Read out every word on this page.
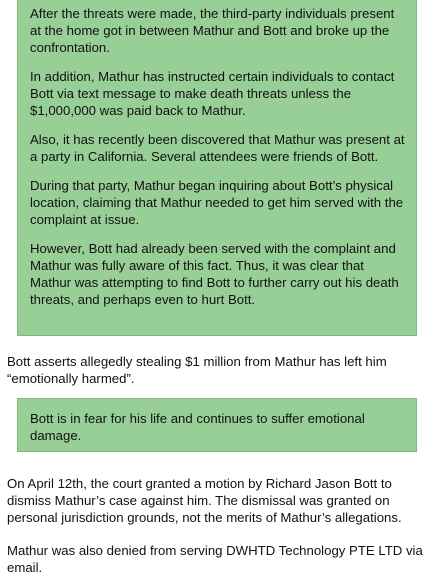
After the threats were made, the third-party individuals present at the home got in between Mathur and Bott and broke up the confrontation.

In addition, Mathur has instructed certain individuals to contact Bott via text message to make death threats unless the $1,000,000 was paid back to Mathur.

Also, it has recently been discovered that Mathur was present at a party in California. Several attendees were friends of Bott.

During that party, Mathur began inquiring about Bott’s physical location, claiming that Mathur needed to get him served with the complaint at issue.

However, Bott had already been served with the complaint and Mathur was fully aware of this fact. Thus, it was clear that Mathur was attempting to find Bott to further carry out his death threats, and perhaps even to hurt Bott.

Bott asserts allegedly stealing $1 million from Mathur has left him “emotionally harmed”.

Bott is in fear for his life and continues to suffer emotional damage.

On April 12th, the court granted a motion by Richard Jason Bott to dismiss Mathur’s case against him. The dismissal was granted on personal jurisdiction grounds, not the merits of Mathur’s allegations.

Mathur was also denied from serving DWHTD Technology PTE LTD via email.
